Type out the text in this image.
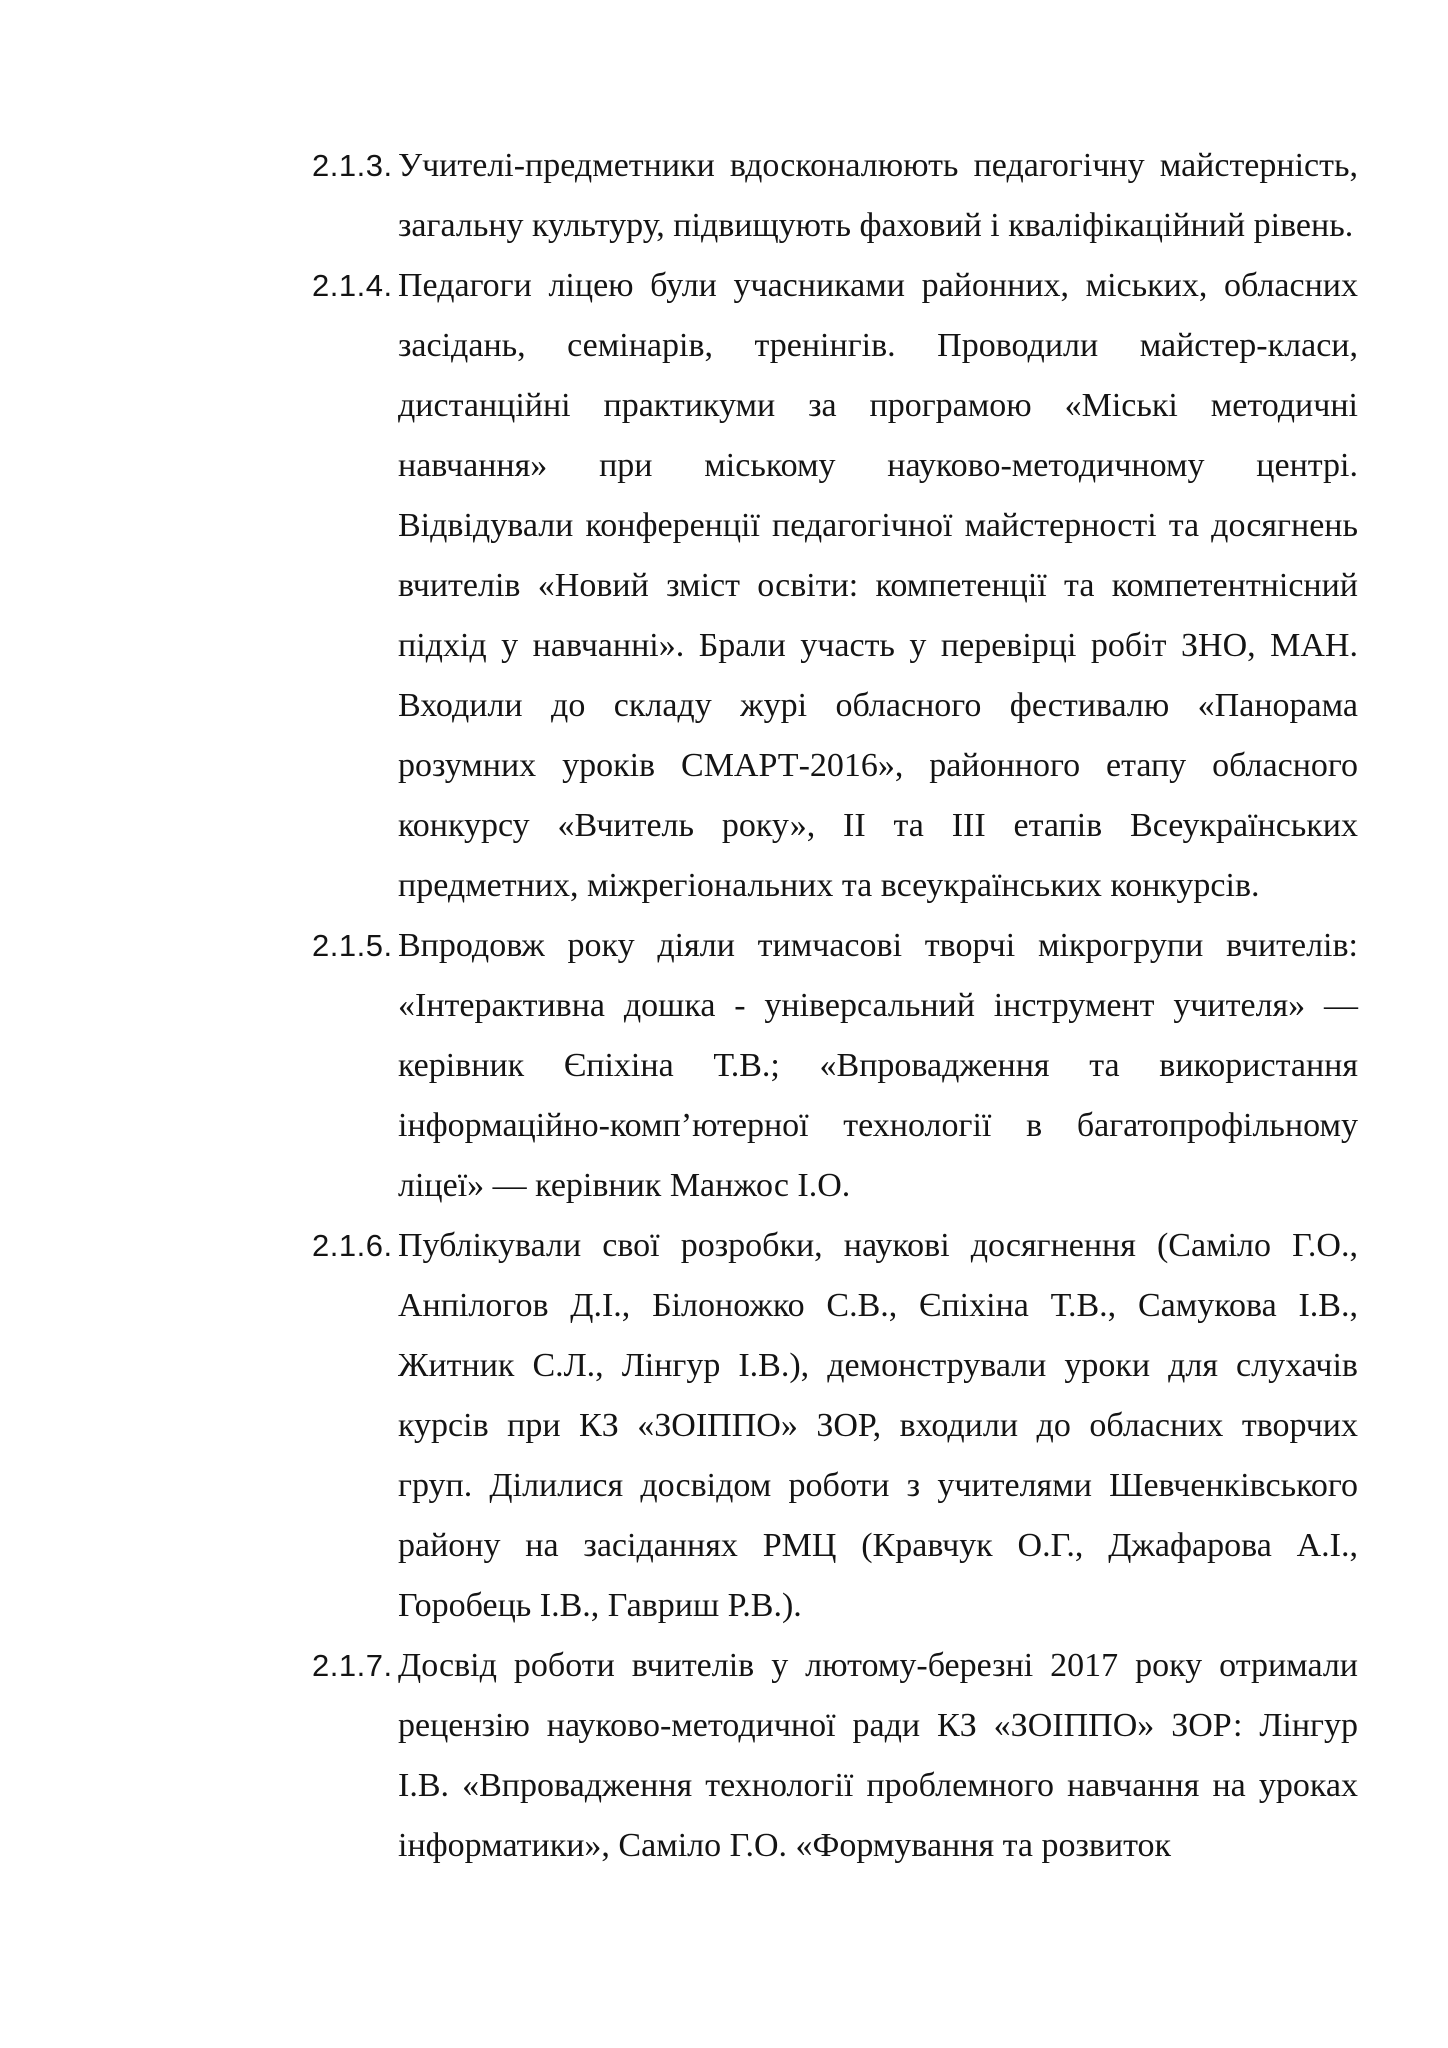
2.1.3. Учителі-предметники вдосконалюють педагогічну майстерність, загальну культуру, підвищують фаховий і кваліфікаційний рівень.
2.1.4. Педагоги ліцею були учасниками районних, міських, обласних засідань, семінарів, тренінгів. Проводили майстер-класи, дистанційні практикуми за програмою «Міські методичні навчання» при міському науково-методичному центрі. Відвідували конференції педагогічної майстерності та досягнень вчителів «Новий зміст освіти: компетенції та компетентнісний підхід у навчанні». Брали участь у перевірці робіт ЗНО, МАН. Входили до складу журі обласного фестивалю «Панорама розумних уроків СМАРТ-2016», районного етапу обласного конкурсу «Вчитель року», ІІ та ІІІ етапів Всеукраїнських предметних, міжрегіональних та всеукраїнських конкурсів.
2.1.5. Впродовж року діяли тимчасові творчі мікрогрупи вчителів: «Інтерактивна дошка - універсальний інструмент учителя» — керівник Єпіхіна Т.В.; «Впровадження та використання інформаційно-комп’ютерної технології в багатопрофільному ліцеї» — керівник Манжос І.О.
2.1.6. Публікували свої розробки, наукові досягнення (Саміло Г.О., Анпілогов Д.І., Білоножко С.В., Єпіхіна Т.В., Самукова І.В., Житник С.Л., Лінгур І.В.), демонстрували уроки для слухачів курсів при КЗ «ЗОІППО» ЗОР, входили до обласних творчих груп. Ділилися досвідом роботи з учителями Шевченківського району на засіданнях РМЦ (Кравчук О.Г., Джафарова А.І., Горобець І.В., Гавриш Р.В.).
2.1.7. Досвід роботи вчителів у лютому-березні 2017 року отримали рецензію науково-методичної ради КЗ «ЗОІППО» ЗОР: Лінгур І.В. «Впровадження технології проблемного навчання на уроках інформатики», Саміло Г.О. «Формування та розвиток
